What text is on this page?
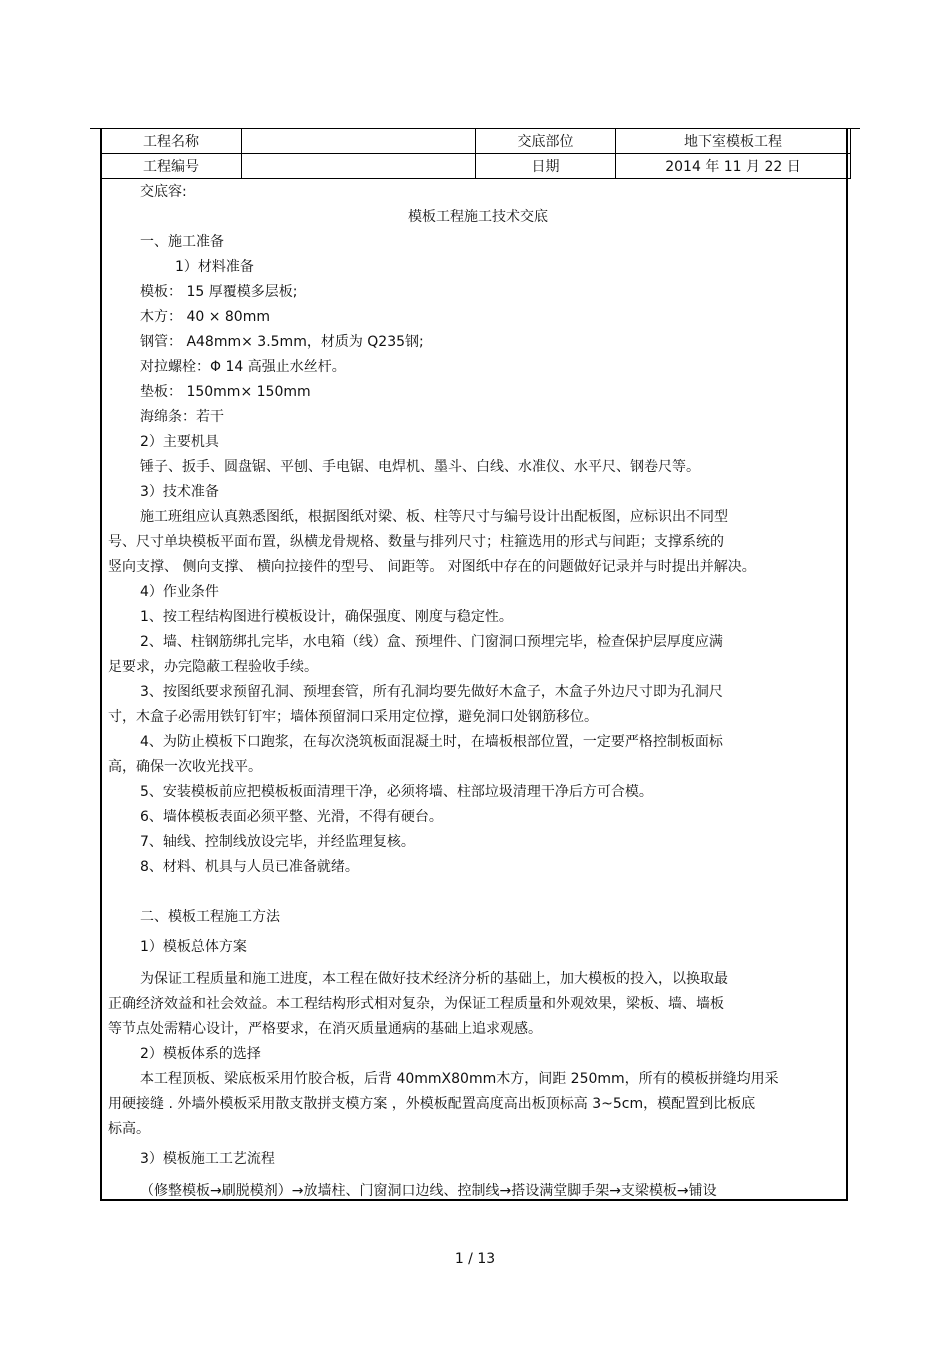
工程名称		交底部位	地下室模板工程
工程编号		日期	2014 年 11 月 22 日
交底容:
模板工程施工技术交底
一、施工准备
1）材料准备
模板： 15 厚覆模多层板;
木方： 40 × 80mm
钢管： A48mm× 3.5mm，材质为 Q235钢;
对拉螺栓：Φ 14 高强止水丝杆。
垫板： 150mm× 150mm
海绵条：若干
2）主要机具
锤子、扳手、圆盘锯、平刨、手电锯、电焊机、墨斗、白线、水准仪、水平尺、钢卷尺等。
3）技术准备
施工班组应认真熟悉图纸，根据图纸对梁、板、柱等尺寸与编号设计出配板图，应标识出不同型
号、尺寸单块模板平面布置，纵横龙骨规格、数量与排列尺寸；柱箍选用的形式与间距；支撑系统的
竖向支撑、 侧向支撑、 横向拉接件的型号、 间距等。 对图纸中存在的问题做好记录并与时提出并解决。
4）作业条件
1、按工程结构图进行模板设计，确保强度、刚度与稳定性。
2、墙、柱钢筋绑扎完毕，水电箱（线）盒、预埋件、门窗洞口预埋完毕，检查保护层厚度应满
足要求，办完隐蔽工程验收手续。
3、按图纸要求预留孔洞、预埋套管，所有孔洞均要先做好木盒子，木盒子外边尺寸即为孔洞尺
寸，木盒子必需用铁钉钉牢；墙体预留洞口采用定位撑，避免洞口处钢筋移位。
4、为防止模板下口跑浆，在每次浇筑板面混凝土时，在墙板根部位置，一定要严格控制板面标
高，确保一次收光找平。
5、安装模板前应把模板板面清理干净，必须将墙、柱部垃圾清理干净后方可合模。
6、墙体模板表面必须平整、光滑，不得有硬台。
7、轴线、控制线放设完毕，并经监理复核。
8、材料、机具与人员已准备就绪。
二、模板工程施工方法
1）模板总体方案
为保证工程质量和施工进度，本工程在做好技术经济分析的基础上，加大模板的投入，以换取最
正确经济效益和社会效益。本工程结构形式相对复杂，为保证工程质量和外观效果，梁板、墙、墙板
等节点处需精心设计，严格要求，在消灭质量通病的基础上追求观感。
2）模板体系的选择
本工程顶板、梁底板采用竹胶合板，后背 40mmX80mm木方，间距 250mm，所有的模板拼缝均用采
用硬接缝 . 外墙外模板采用散支散拼支模方案 ，外模板配置高度高出板顶标高 3~5cm，模配置到比板底
标高。
3）模板施工工艺流程
（修整模板→刷脱模剂）→放墙柱、门窗洞口边线、控制线→搭设满堂脚手架→支梁模板→铺设
1 / 13
